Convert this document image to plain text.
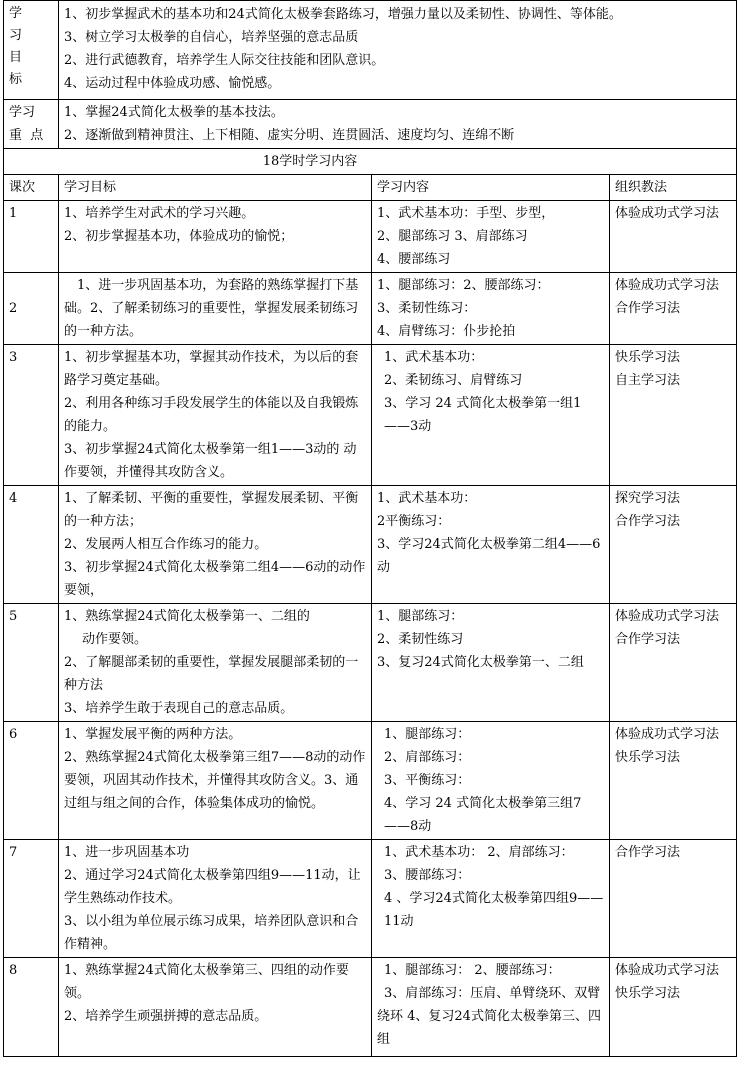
学
习
目
标	1、初步掌握武术的基本功和24式简化太极拳套路练习，增强力量以及柔韧性、协调性、等体能。
3、树立学习太极拳的自信心，培养坚强的意志品质
2、进行武德教育，培养学生人际交往技能和团队意识。
4、运动过程中体验成功感、愉悦感。		

学习
重  点	1、掌握24式简化太极拳的基本技法。
2、逐渐做到精神贯注、上下相随、虚实分明、连贯圆活、速度均匀、连绵不断		

18学时学习内容			
课次	学习目标	学习内容	组织教法
1	1、培养学生对武术的学习兴趣。
2、初步掌握基本功，体验成功的愉悦；	1、武术基本功：手型、步型，
2、腿部练习 3、肩部练习
4、腰部练习	体验成功式学习法

2	1、进一步巩固基本功，为套路的熟练掌握打下基础。2、了解柔韧练习的重要性，掌握发展柔韧练习的一种方法。	1、腿部练习：2、腰部练习：
3、柔韧性练习：
4、肩臂练习：仆步抡拍	体验成功式学习法
合作学习法

3	1、初步掌握基本功，掌握其动作技术，为以后的套路学习奠定基础。
2、利用各种练习手段发展学生的体能以及自我锻炼的能力。
3、初步掌握24式简化太极拳第一组1——3动的 动作要领，并懂得其攻防含义。	1、武术基本功：
2、柔韧练习、肩臂练习
3、学习 24 式简化太极拳第一组1——3动	快乐学习法
自主学习法

4	1、了解柔韧、平衡的重要性，掌握发展柔韧、平衡的一种方法；
2、发展两人相互合作练习的能力。
3、初步掌握24式简化太极拳第二组4——6动的动作要领，	1、武术基本功：
2平衡练习：
3、学习24式简化太极拳第二组4——6动	探究学习法
合作学习法

5	1、熟练掌握24式简化太极拳第一、二组的
动作要领。
2、了解腿部柔韧的重要性，掌握发展腿部柔韧的一种方法
3、培养学生敢于表现自己的意志品质。	1、腿部练习：
2、柔韧性练习
3、复习24式简化太极拳第一、二组	体验成功式学习法
合作学习法

6	1、掌握发展平衡的两种方法。
2、熟练掌握24式简化太极拳第三组7——8动的动作要领，巩固其动作技术，并懂得其攻防含义。3、通过组与组之间的合作，体验集体成功的愉悦。	1、腿部练习：
2、肩部练习：
3、平衡练习：
4、学习 24 式简化太极拳第三组7——8动	体验成功式学习法
快乐学习法

7	1、进一步巩固基本功
2、通过学习24式简化太极拳第四组9——11动，让学生熟练动作技术。
3、以小组为单位展示练习成果，培养团队意识和合作精神。	1、武术基本功： 2、肩部练习：
3、腰部练习：
4 、学习24式简化太极拳第四组9——11动	合作学习法

8	1、熟练掌握24式简化太极拳第三、四组的动作要领。
2、培养学生顽强拼搏的意志品质。	1、腿部练习： 2、腰部练习：
3、肩部练习：压肩、单臂绕环、双臂绕环 4、复习24式简化太极拳第三、四组	体验成功式学习法
快乐学习法
